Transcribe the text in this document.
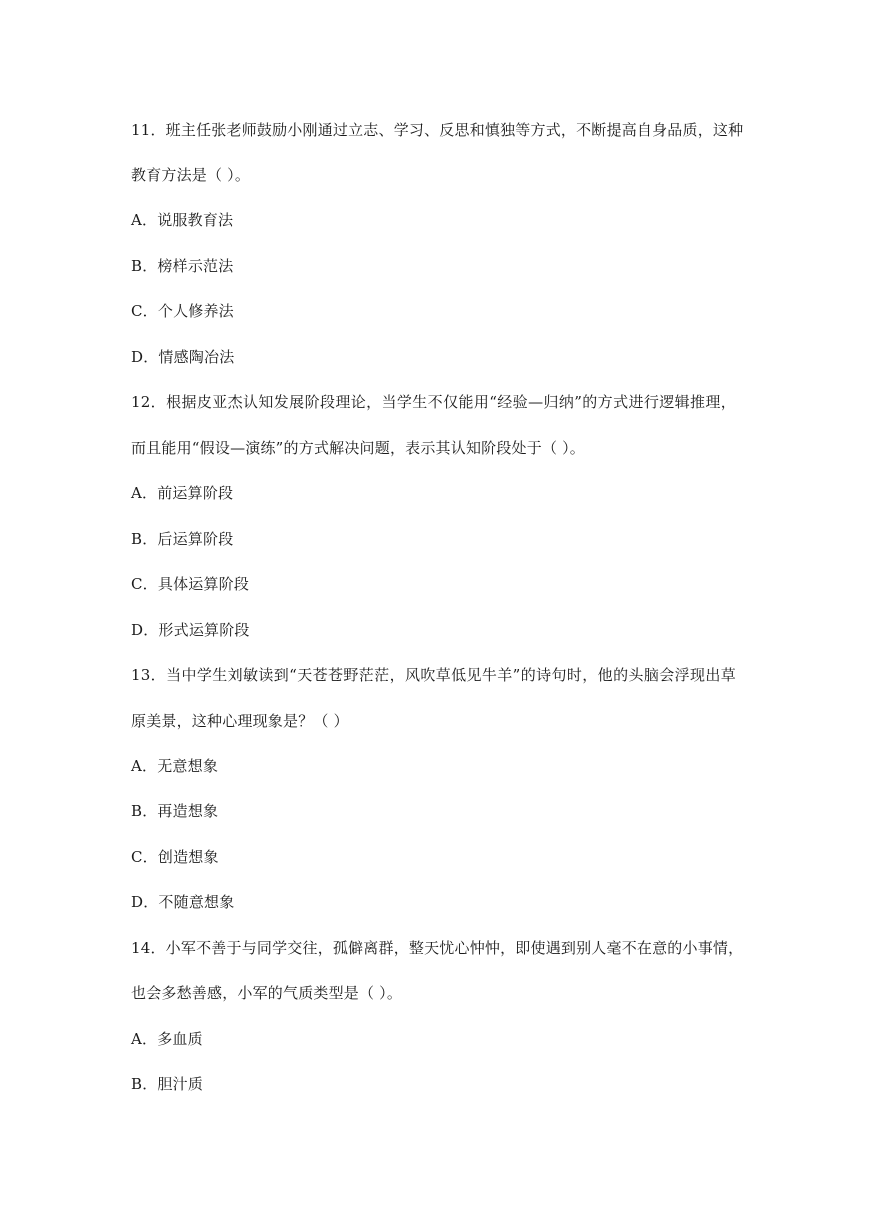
11．班主任张老师鼓励小刚通过立志、学习、反思和慎独等方式，不断提高自身品质，这种
教育方法是（ ）。
A．说服教育法
B．榜样示范法
C．个人修养法
D．情感陶冶法
12．根据皮亚杰认知发展阶段理论，当学生不仅能用“经验—归纳”的方式进行逻辑推理，
而且能用“假设—演练”的方式解决问题，表示其认知阶段处于（ ）。
A．前运算阶段
B．后运算阶段
C．具体运算阶段
D．形式运算阶段
13．当中学生刘敏读到“天苍苍野茫茫，风吹草低见牛羊”的诗句时，他的头脑会浮现出草
原美景，这种心理现象是？（ ）
A．无意想象
B．再造想象
C．创造想象
D．不随意想象
14．小军不善于与同学交往，孤僻离群，整天忧心忡忡，即使遇到别人毫不在意的小事情，
也会多愁善感，小军的气质类型是（ ）。
A．多血质
B．胆汁质
